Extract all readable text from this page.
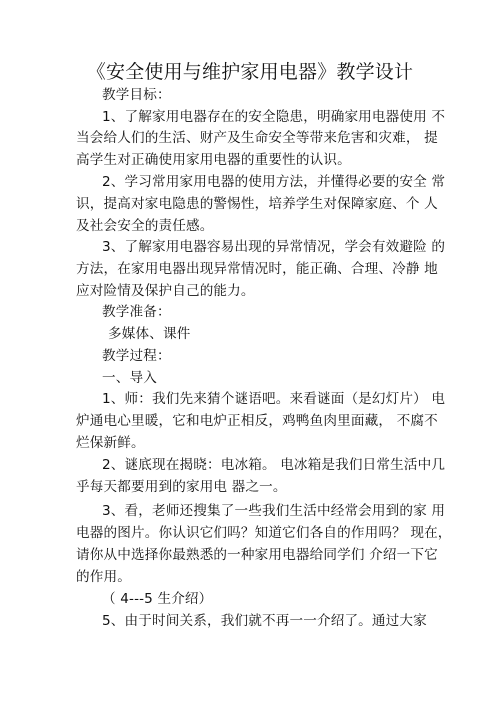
《安全使用与维护家用电器》教学设计
教学目标：
1、了解家用电器存在的安全隐患，明确家用电器使用 不
当会给人们的生活、财产及生命安全等带来危害和灾难， 提
高学生对正确使用家用电器的重要性的认识。
2、学习常用家用电器的使用方法，并懂得必要的安全 常
识，提高对家电隐患的警惕性，培养学生对保障家庭、个 人
及社会安全的责任感。
3、了解家用电器容易出现的异常情况，学会有效避险 的
方法，在家用电器出现异常情况时，能正确、合理、冷静 地
应对险情及保护自己的能力。
教学准备：
多媒体、课件
教学过程：
一、导入
1、师：我们先来猜个谜语吧。来看谜面（是幻灯片） 电
炉通电心里暖，它和电炉正相反，鸡鸭鱼肉里面藏， 不腐不
烂保新鲜。
2、谜底现在揭晓：电冰箱。 电冰箱是我们日常生活中几
乎每天都要用到的家用电 器之一。
3、看，老师还搜集了一些我们生活中经常会用到的家 用
电器的图片。你认识它们吗？知道它们各自的作用吗？ 现在，
请你从中选择你最熟悉的一种家用电器给同学们 介绍一下它
的作用。
（ 4---5 生介绍）
5、由于时间关系，我们就不再一一介绍了。通过大家
